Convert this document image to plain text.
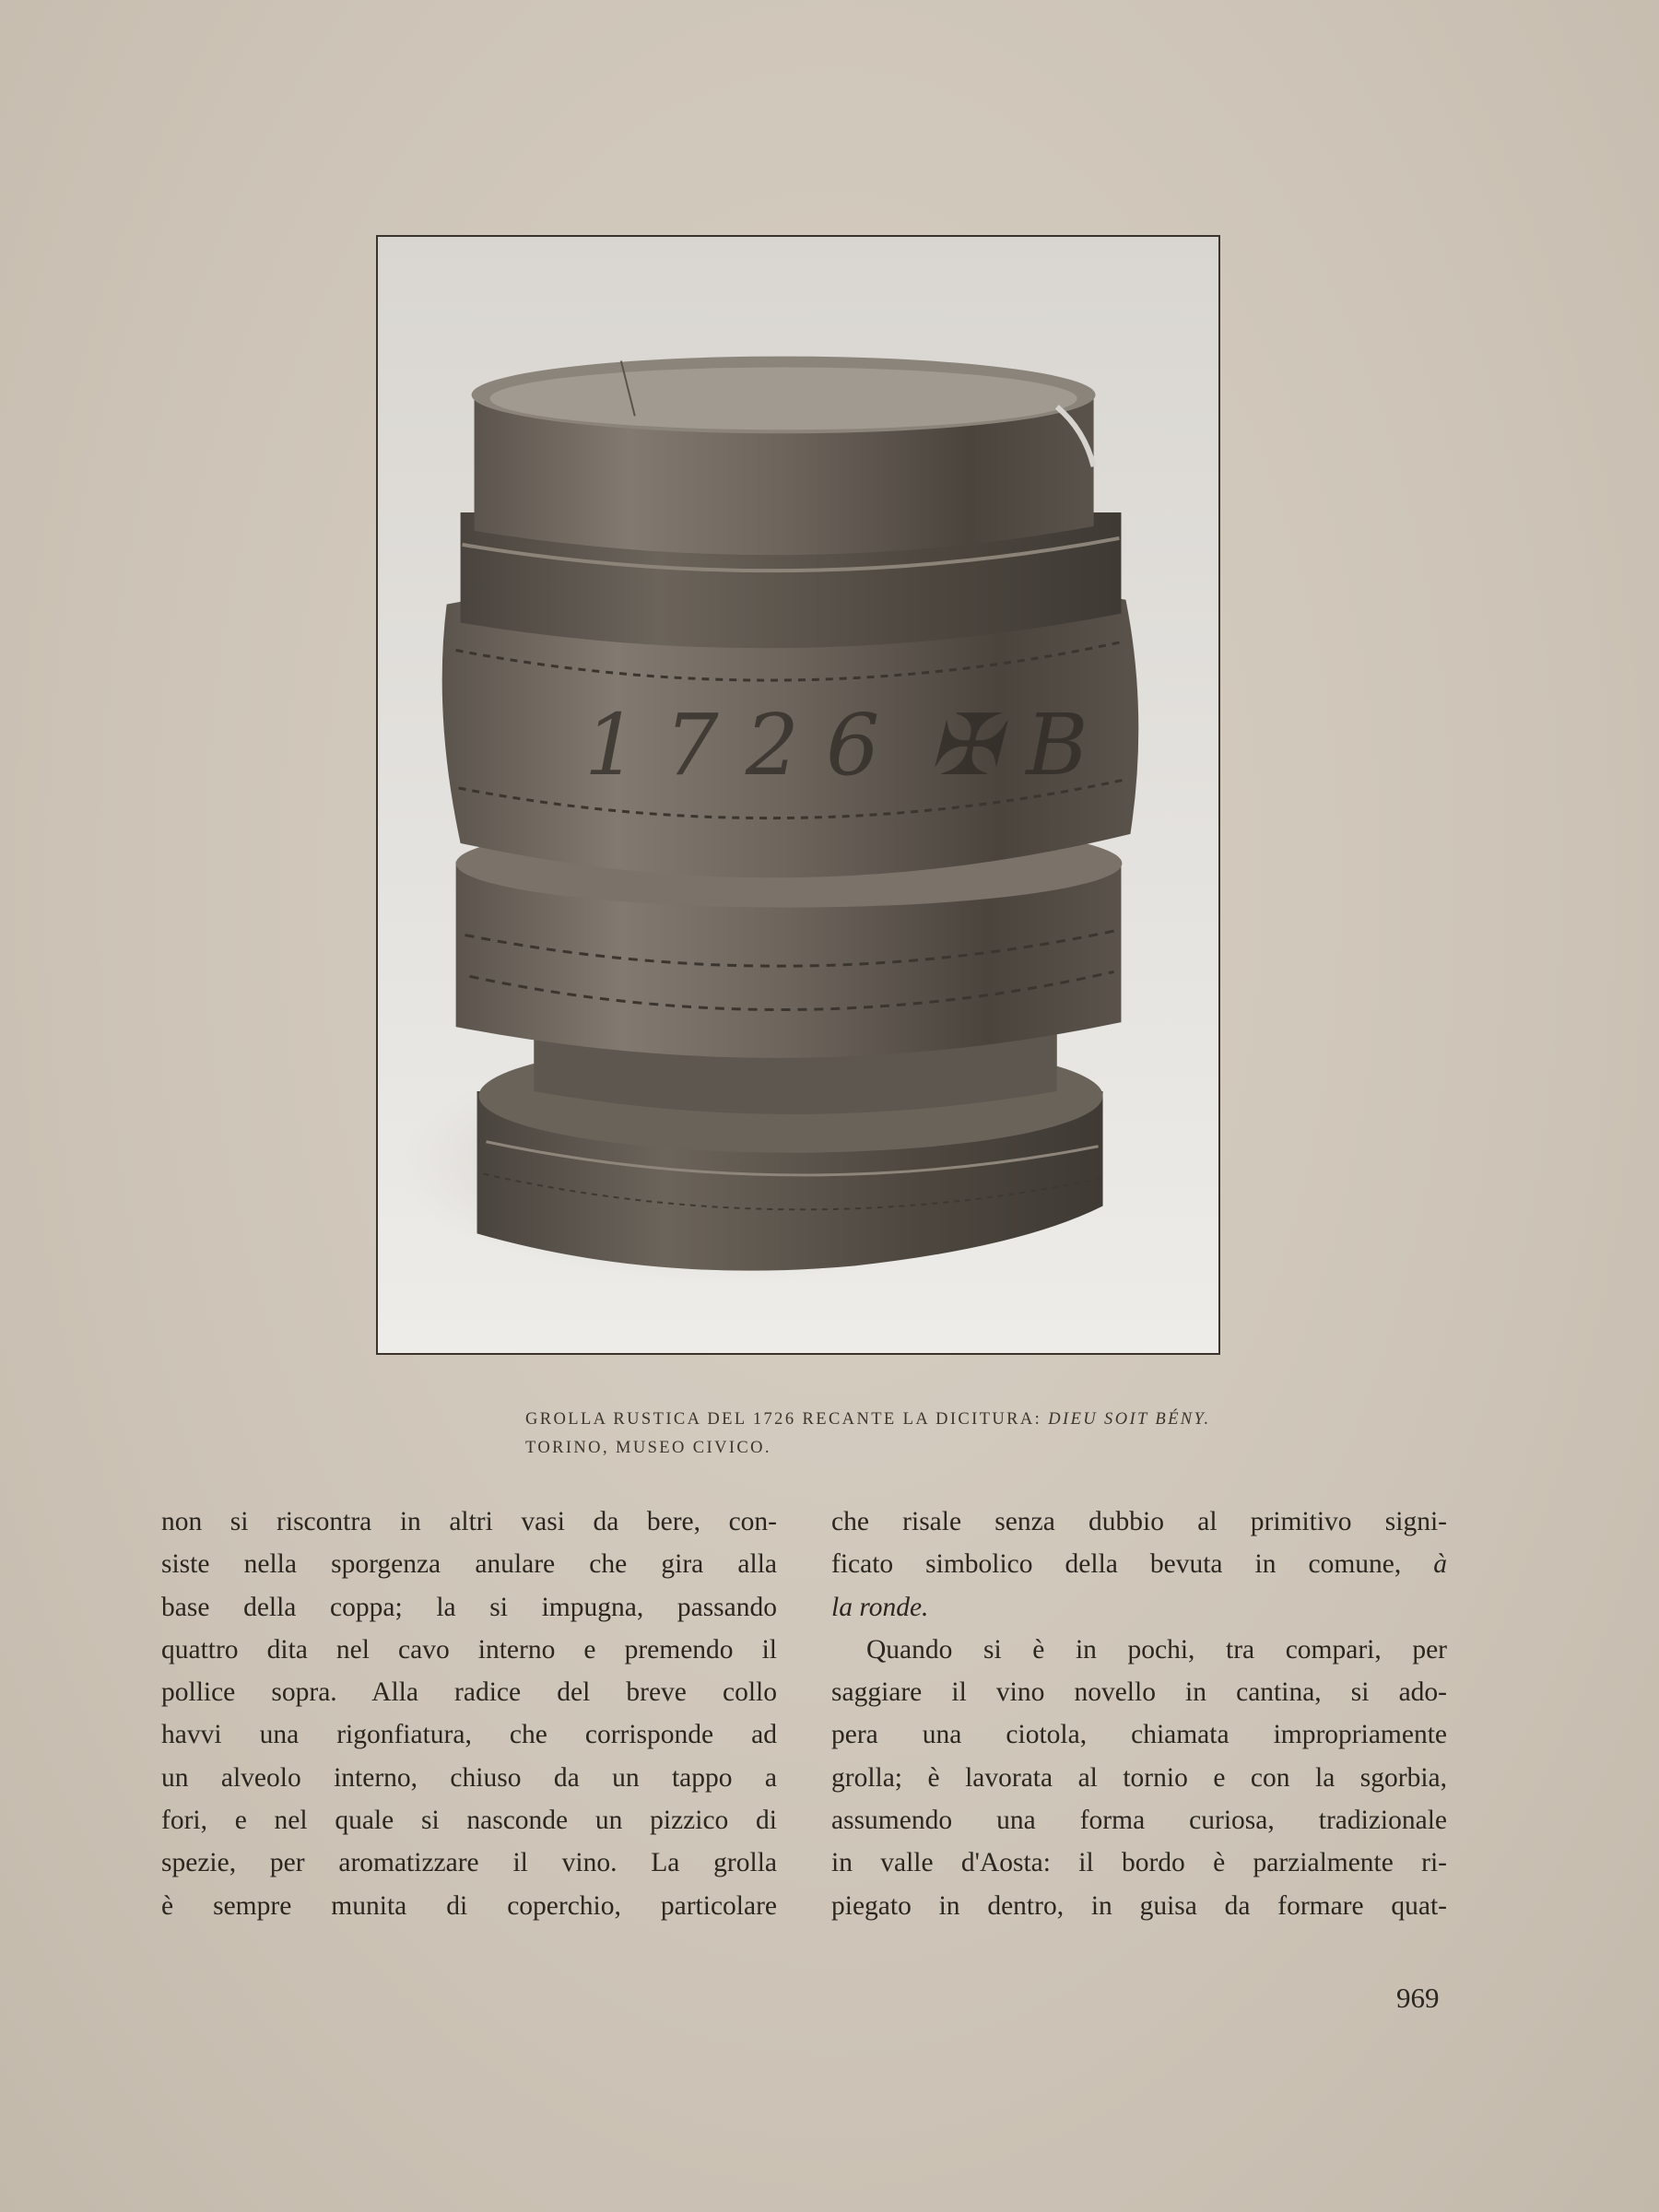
1 7 2 6 ✠ B
GROLLA RUSTICA DEL 1726 RECANTE LA DICITURA: DIEU SOIT BÉNY.
TORINO, MUSEO CIVICO.
non si riscontra in altri vasi da bere, con-
siste nella sporgenza anulare che gira alla
base della coppa; la si impugna, passando
quattro dita nel cavo interno e premendo il
pollice sopra. Alla radice del breve collo
havvi una rigonfiatura, che corrisponde ad
un alveolo interno, chiuso da un tappo a
fori, e nel quale si nasconde un pizzico di
spezie, per aromatizzare il vino. La grolla
è sempre munita di coperchio, particolare
che risale senza dubbio al primitivo signi-
ficato simbolico della bevuta in comune, à
la ronde.
Quando si è in pochi, tra compari, per
saggiare il vino novello in cantina, si ado-
pera una ciotola, chiamata impropriamente
grolla; è lavorata al tornio e con la sgorbia,
assumendo una forma curiosa, tradizionale
in valle d'Aosta: il bordo è parzialmente ri-
piegato in dentro, in guisa da formare quat-
969
